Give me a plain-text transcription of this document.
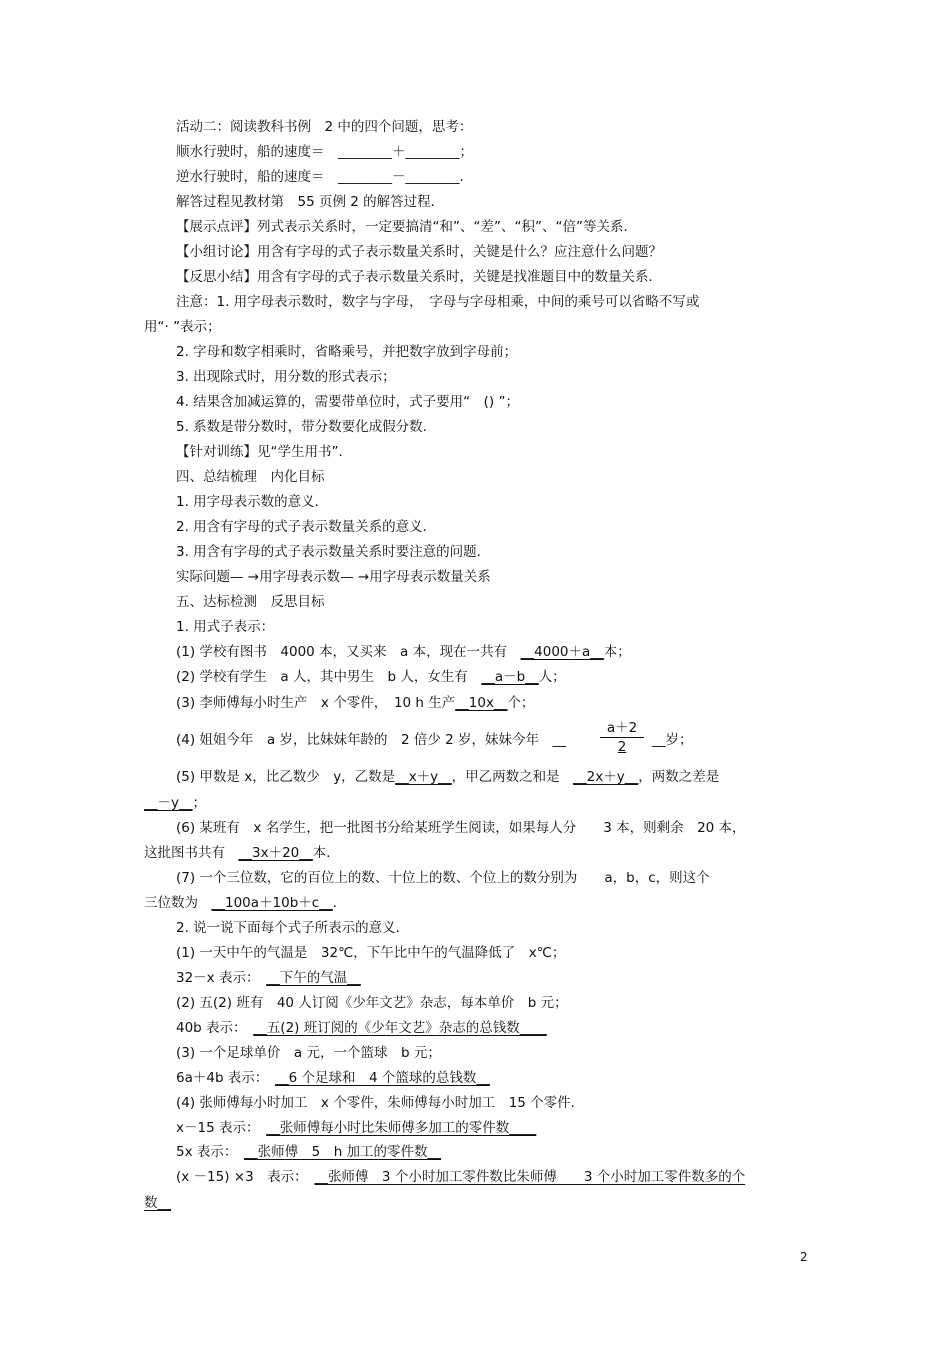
活动二：阅读教科书例　2 中的四个问题，思考：
顺水行驶时，船的速度＝　________＋________；
逆水行驶时，船的速度＝　________－________．
解答过程见教材第　55 页例 2 的解答过程．
【展示点评】列式表示关系时，一定要搞清“和”、“差”、“积”、“倍”等关系．
【小组讨论】用含有字母的式子表示数量关系时，关键是什么？应注意什么问题？
【反思小结】用含有字母的式子表示数量关系时，关键是找准题目中的数量关系．
注意：1. 用字母表示数时，数字与字母，　字母与字母相乘，中间的乘号可以省略不写或
用“· ”表示；
2. 字母和数字相乘时，省略乘号，并把数字放到字母前；
3. 出现除式时，用分数的形式表示；
4. 结果含加减运算的，需要带单位时，式子要用“　() ”；
5. 系数是带分数时，带分数要化成假分数．
【针对训练】见“学生用书”．
四、总结梳理　内化目标
1. 用字母表示数的意义．
2. 用含有字母的式子表示数量关系的意义．
3. 用含有字母的式子表示数量关系时要注意的问题．
实际问题— →用字母表示数— →用字母表示数量关系
五、达标检测　反思目标
1. 用式子表示：
(1) 学校有图书　4000 本，又买来　a 本，现在一共有　__4000＋a__本；
(2) 学校有学生　a 人，其中男生　b 人，女生有　__a－b__人；
(3) 李师傅每小时生产　x 个零件，　10 h 生产__10x__个；
(4) 姐姐今年　a 岁，比妹妹年龄的　2 倍少 2 岁，妹妹今年　__
a＋2
2	__岁；
(5) 甲数是 x，比乙数少　y，乙数是__x＋y__，甲乙两数之和是　__2x＋y__，两数之差是
__－y__；
(6) 某班有　x 名学生，把一批图书分给某班学生阅读，如果每人分　　3 本，则剩余　20 本，
这批图书共有　__3x＋20__本．
(7) 一个三位数，它的百位上的数、十位上的数、个位上的数分别为　　a，b，c，则这个
三位数为　__100a＋10b＋c__．
2. 说一说下面每个式子所表示的意义．
(1) 一天中午的气温是　32℃，下午比中午的气温降低了　x℃；
32－x 表示：　__下午的气温__
(2) 五(2) 班有　40 人订阅《少年文艺》杂志，每本单价　b 元；
40b 表示：　__五(2) 班订阅的《少年文艺》杂志的总钱数____
(3) 一个足球单价　a 元，一个篮球　b 元；
6a＋4b 表示：　__6 个足球和　4 个篮球的总钱数__
(4) 张师傅每小时加工　x 个零件，朱师傅每小时加工　15 个零件．
x－15 表示：　__张师傅每小时比朱师傅多加工的零件数____
5x 表示：　__张师傅　5　h 加工的零件数__
(x －15) ×3　表示：　__张师傅　3 个小时加工零件数比朱师傅　　3 个小时加工零件数多的个
数__
2
